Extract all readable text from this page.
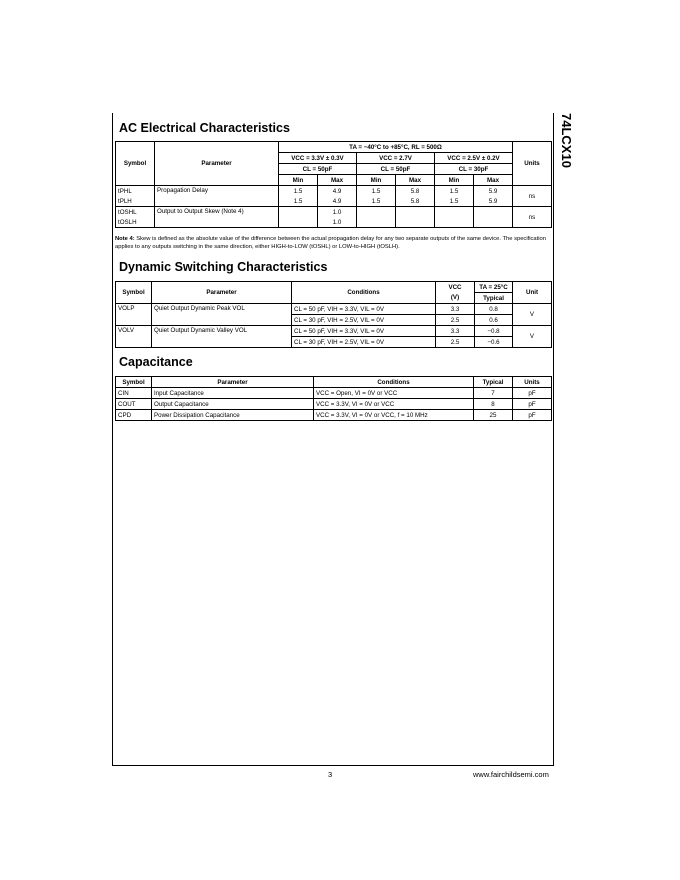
74LCX10
AC Electrical Characteristics
Symbol	Parameter	TA = −40°C to +85°C, RL = 500Ω						Units
		VCC = 3.3V ± 0.3V		VCC = 2.7V		VCC = 2.5V ± 0.2V		
		CL = 50pF		CL = 50pF		CL = 30pF		
		Min	Max	Min	Max	Min	Max	
tPHL	Propagation Delay	1.5	4.9	1.5	5.8	1.5	5.9	ns
tPLH		1.5	4.9	1.5	5.8	1.5	5.9	
tOSHL	Output to Output Skew (Note 4)		1.0					ns
tOSLH			1.0					
Note 4: Skew is defined as the absolute value of the difference between the actual propagation delay for any two separate outputs of the same device. The specification applies to any outputs switching in the same direction, either HIGH-to-LOW (tOSHL) or LOW-to-HIGH (tOSLH).
Dynamic Switching Characteristics
Symbol	Parameter	Conditions	VCC	TA = 25°C	Unit
			(V)	Typical	
VOLP	Quiet Output Dynamic Peak VOL	CL = 50 pF, VIH = 3.3V, VIL = 0V	3.3	0.8	V
		CL = 30 pF, VIH = 2.5V, VIL = 0V	2.5	0.6	
VOLV	Quiet Output Dynamic Valley VOL	CL = 50 pF, VIH = 3.3V, VIL = 0V	3.3	−0.8	V
		CL = 30 pF, VIH = 2.5V, VIL = 0V	2.5	−0.6	
Capacitance
Symbol	Parameter	Conditions	Typical	Units
CIN	Input Capacitance	VCC = Open, VI = 0V or VCC	7	pF
COUT	Output Capacitance	VCC = 3.3V, VI = 0V or VCC	8	pF
CPD	Power Dissipation Capacitance	VCC = 3.3V, VI = 0V or VCC, f = 10 MHz	25	pF
3	www.fairchildsemi.com
